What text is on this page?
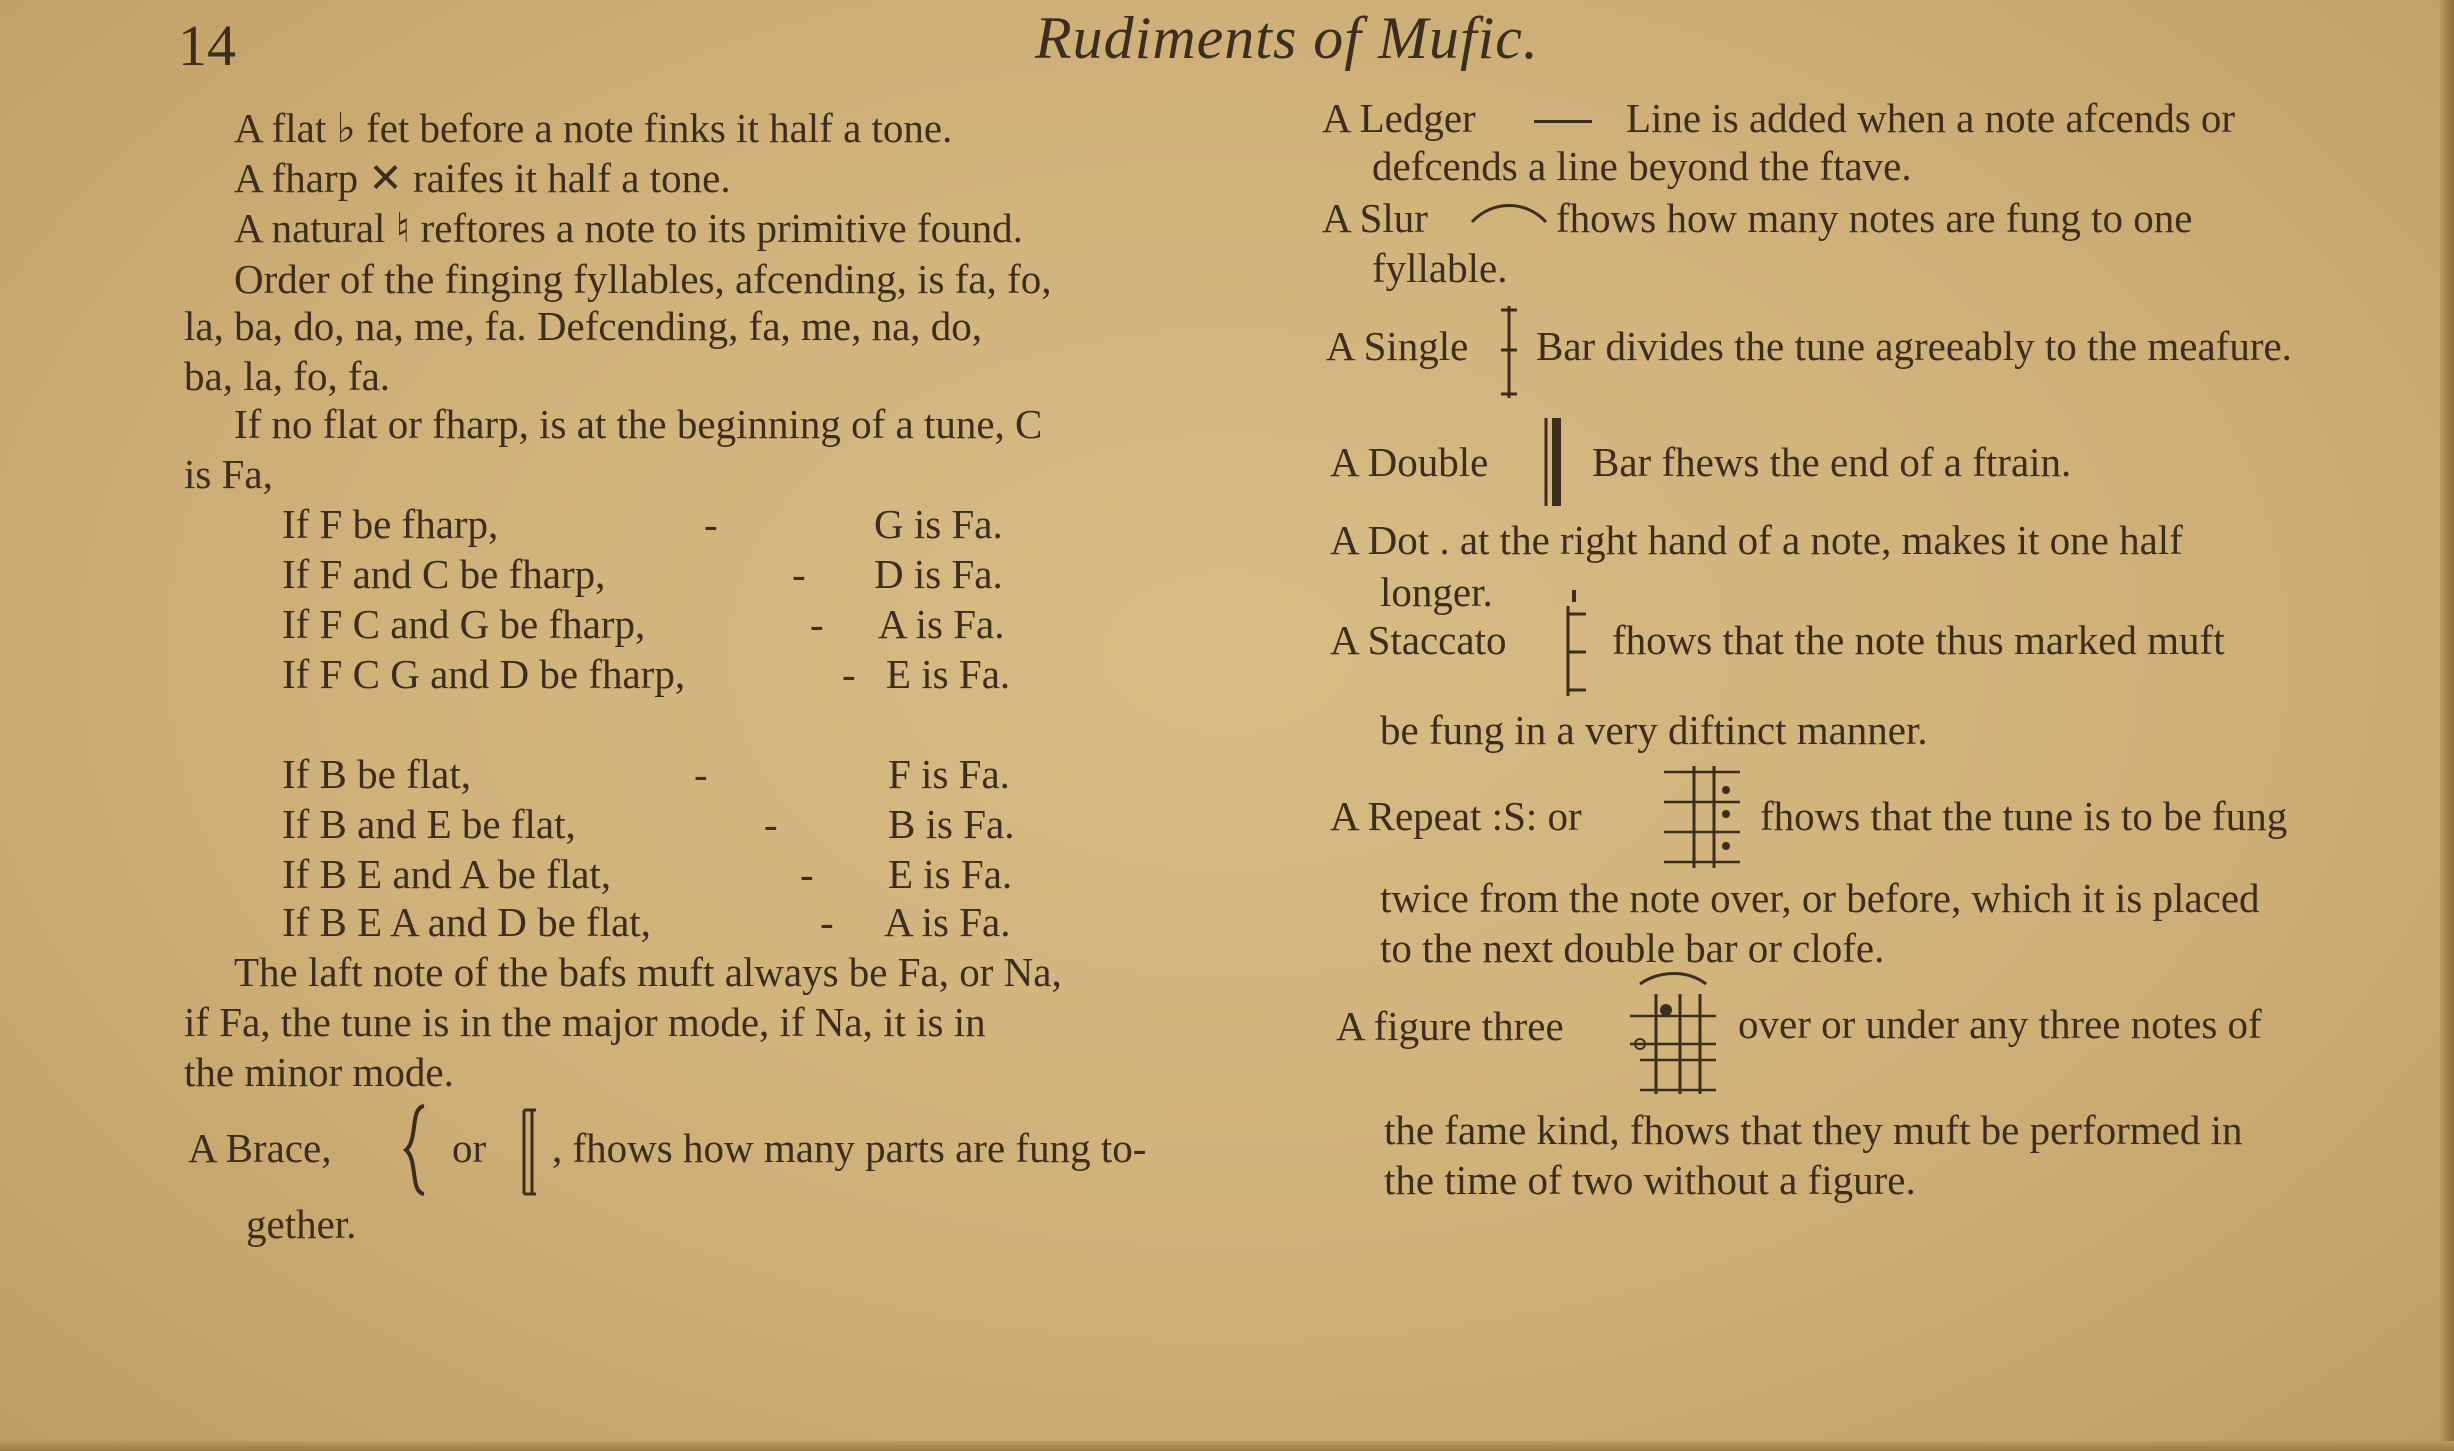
14	Rudiments of Mufic.
A flat ♭ fet before a note finks it half a tone.
A fharp ✕ raifes it half a tone.
A natural ♮ reftores a note to its primitive found.
Order of the finging fyllables, afcending, is fa, fo,
la, ba, do, na, me, fa. Defcending, fa, me, na, do,
ba, la, fo, fa.
If no flat or fharp, is at the beginning of a tune, C
is Fa,
If F be fharp,	-	G is Fa.
If F and C be fharp,	- D is Fa.
If F C and G be fharp,	- A is Fa.
If F C G and D be fharp,	- E is Fa.
If B be flat,	-	F is Fa.
If B and E be flat,	-	B is Fa.
If B E and A be flat,	- E is Fa.
If B E A and D be flat,	- A is Fa.
The laft note of the bafs muft always be Fa, or Na,
if Fa, the tune is in the major mode, if Na, it is in
the minor mode.
A Brace,	or , fhows how many parts are fung to-
gether.
A Ledger	Line is added when a note afcends or
defcends a line beyond the ftave.
A Slur	fhows how many notes are fung to one
fyllable.
A Single Bar divides the tune agreeably to the meafure.
A Double	Bar fhews the end of a ftrain.
A Dot . at the right hand of a note, makes it one half
longer.
A Staccato	fhows that the note thus marked muft
be fung in a very diftinct manner.
A Repeat :S: or	fhows that the tune is to be fung
twice from the note over, or before, which it is placed
to the next double bar or clofe.
A figure three	over or under any three notes of
the fame kind, fhows that they muft be performed in
the time of two without a figure.
